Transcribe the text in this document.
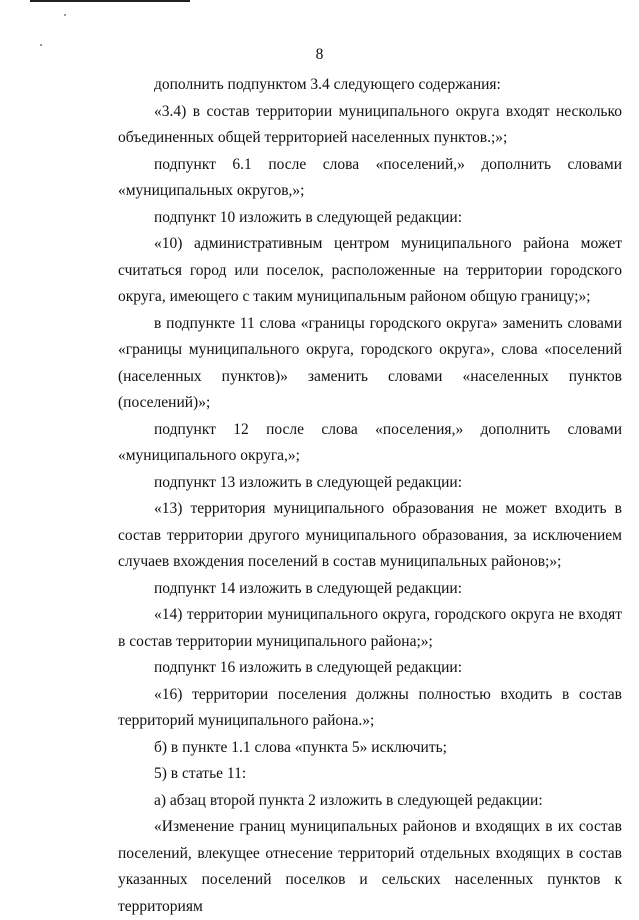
8

дополнить подпунктом 3.4 следующего содержания:

«3.4) в состав территории муниципального округа входят несколько объединенных общей территорией населенных пунктов.;»;

подпункт 6.1 после слова «поселений,» дополнить словами «муниципальных округов,»;

подпункт 10 изложить в следующей редакции:

«10) административным центром муниципального района может считаться город или поселок, расположенные на территории городского округа, имеющего с таким муниципальным районом общую границу;»;

в подпункте 11 слова «границы городского округа» заменить словами «границы муниципального округа, городского округа», слова «поселений (населенных пунктов)» заменить словами «населенных пунктов (поселений)»;

подпункт 12 после слова «поселения,» дополнить словами «муниципального округа,»;

подпункт 13 изложить в следующей редакции:

«13) территория муниципального образования не может входить в состав территории другого муниципального образования, за исключением случаев вхождения поселений в состав муниципальных районов;»;

подпункт 14 изложить в следующей редакции:

«14) территории муниципального округа, городского округа не входят в состав территории муниципального района;»;

подпункт 16 изложить в следующей редакции:

«16) территории поселения должны полностью входить в состав территорий муниципального района.»;

б) в пункте 1.1 слова «пункта 5» исключить;

5) в статье 11:

а) абзац второй пункта 2 изложить в следующей редакции:

«Изменение границ муниципальных районов и входящих в их состав поселений, влекущее отнесение территорий отдельных входящих в состав указанных поселений поселков и сельских населенных пунктов к территориям
